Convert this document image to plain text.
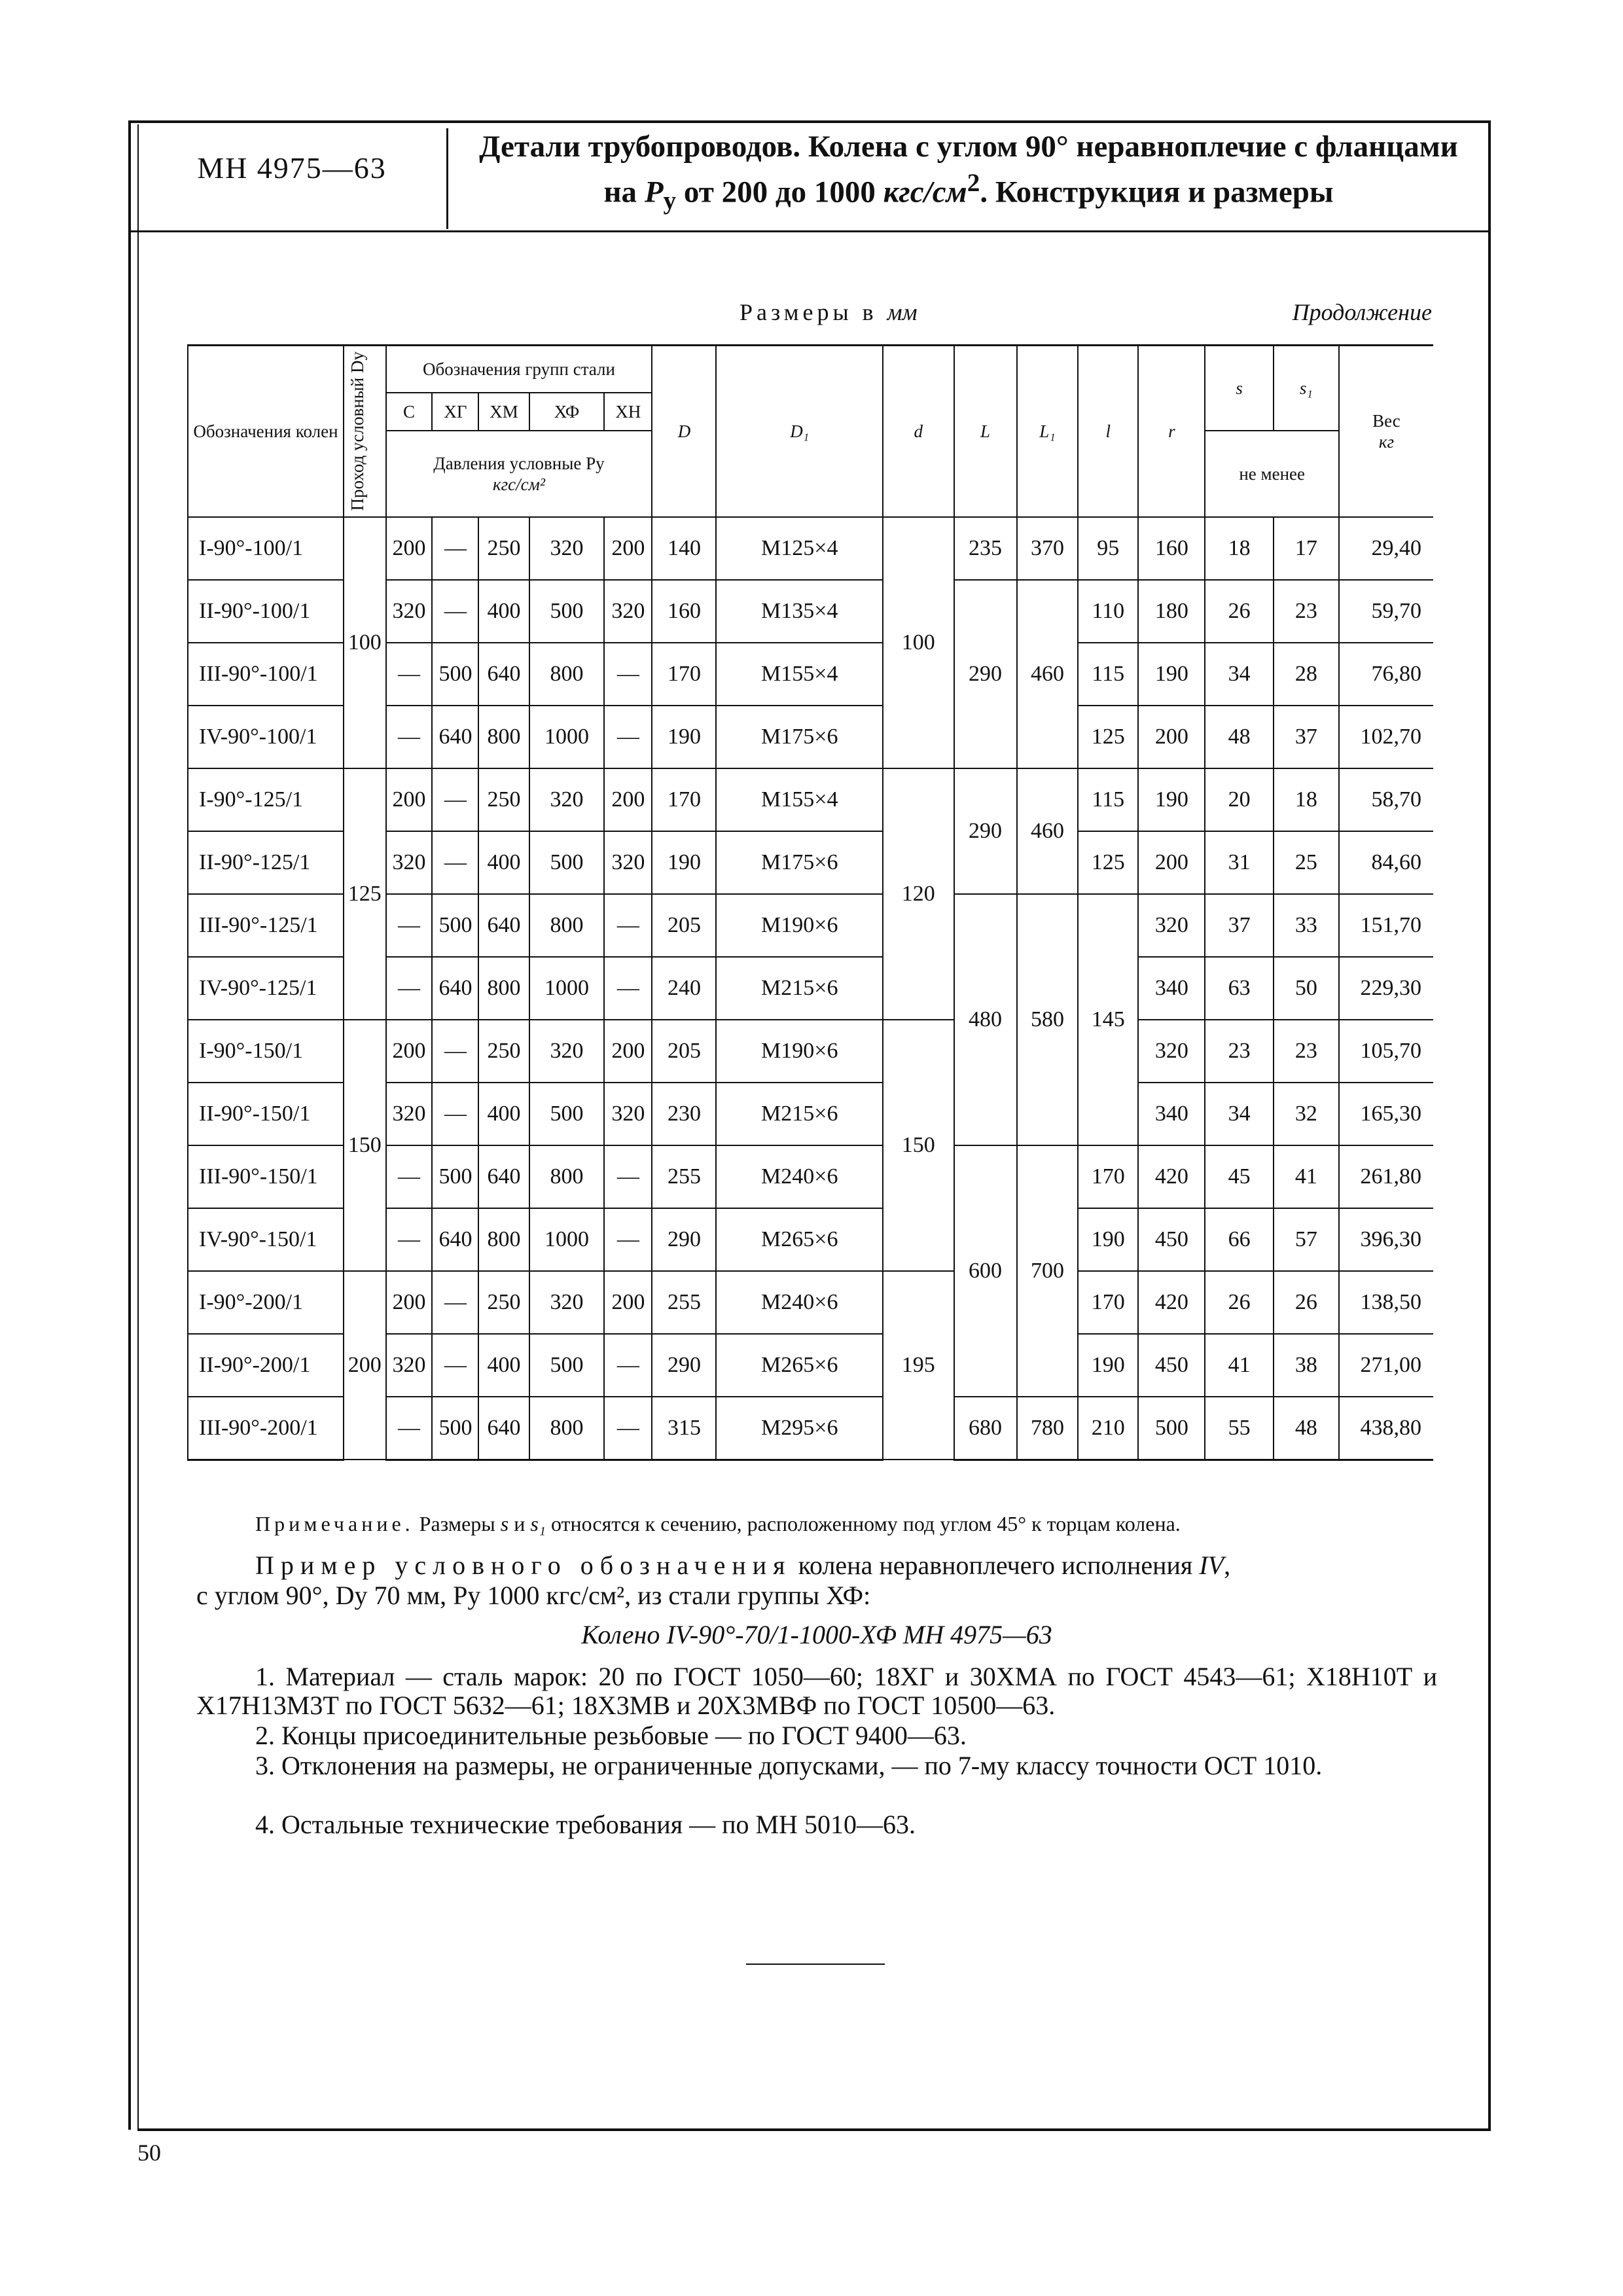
МН 4975—63
Детали трубопроводов. Колена с углом 90° неравноплечие с фланцами
на $P_у$ от 200 до 1000 кгс/$см^2$. Конструкция и размеры
Размеры в мм	Продолжение
Обозначения колен	Проход условный Dу	Обозначения групп стали					D	D₁	d	L	L₁	l	r	s	s₁	Вес
кг
		С	ХГ	ХМ	ХФ	ХН										
		Давления условные Pу
кгс/см²												не менее		
I-90°-100/1	100	200	—	250	320	200	140	М125×4	100	235	370	95	160	18	17	29,40
II-90°-100/1		320	—	400	500	320	160	М135×4		290	460	110	180	26	23	59,70
III-90°-100/1		—	500	640	800	—	170	М155×4				115	190	34	28	76,80
IV-90°-100/1		—	640	800	1000	—	190	М175×6				125	200	48	37	102,70
I-90°-125/1	125	200	—	250	320	200	170	М155×4	120	290	460	115	190	20	18	58,70
II-90°-125/1		320	—	400	500	320	190	М175×6				125	200	31	25	84,60
III-90°-125/1		—	500	640	800	—	205	М190×6		480	580	145	320	37	33	151,70
IV-90°-125/1		—	640	800	1000	—	240	М215×6					340	63	50	229,30
I-90°-150/1	150	200	—	250	320	200	205	М190×6	150				320	23	23	105,70
II-90°-150/1		320	—	400	500	320	230	М215×6					340	34	32	165,30
III-90°-150/1		—	500	640	800	—	255	М240×6		600	700	170	420	45	41	261,80
IV-90°-150/1		—	640	800	1000	—	290	М265×6				190	450	66	57	396,30
I-90°-200/1	200	200	—	250	320	200	255	М240×6	195			170	420	26	26	138,50
II-90°-200/1		320	—	400	500	—	290	М265×6				190	450	41	38	271,00
III-90°-200/1		—	500	640	800	—	315	М295×6		680	780	210	500	55	48	438,80
Примечание. Размеры s и s₁ относятся к сечению, расположенному под углом 45° к торцам колена.
Пример условного обозначения колена неравноплечего исполнения IV,
с углом 90°, Dу 70 мм, Pу 1000 кгс/см², из стали группы ХФ:
Колено IV-90°-70/1-1000-ХФ МН 4975—63
1. Материал — сталь марок: 20 по ГОСТ 1050—60; 18ХГ и 30ХМА по ГОСТ 4543—61; Х18Н10Т и Х17Н13М3Т по ГОСТ 5632—61; 18Х3МВ и 20Х3МВФ по ГОСТ 10500—63.
2. Концы присоединительные резьбовые — по ГОСТ 9400—63.
3. Отклонения на размеры, не ограниченные допусками, — по 7-му классу точности ОСТ 1010.
4. Остальные технические требования — по МН 5010—63.
50
